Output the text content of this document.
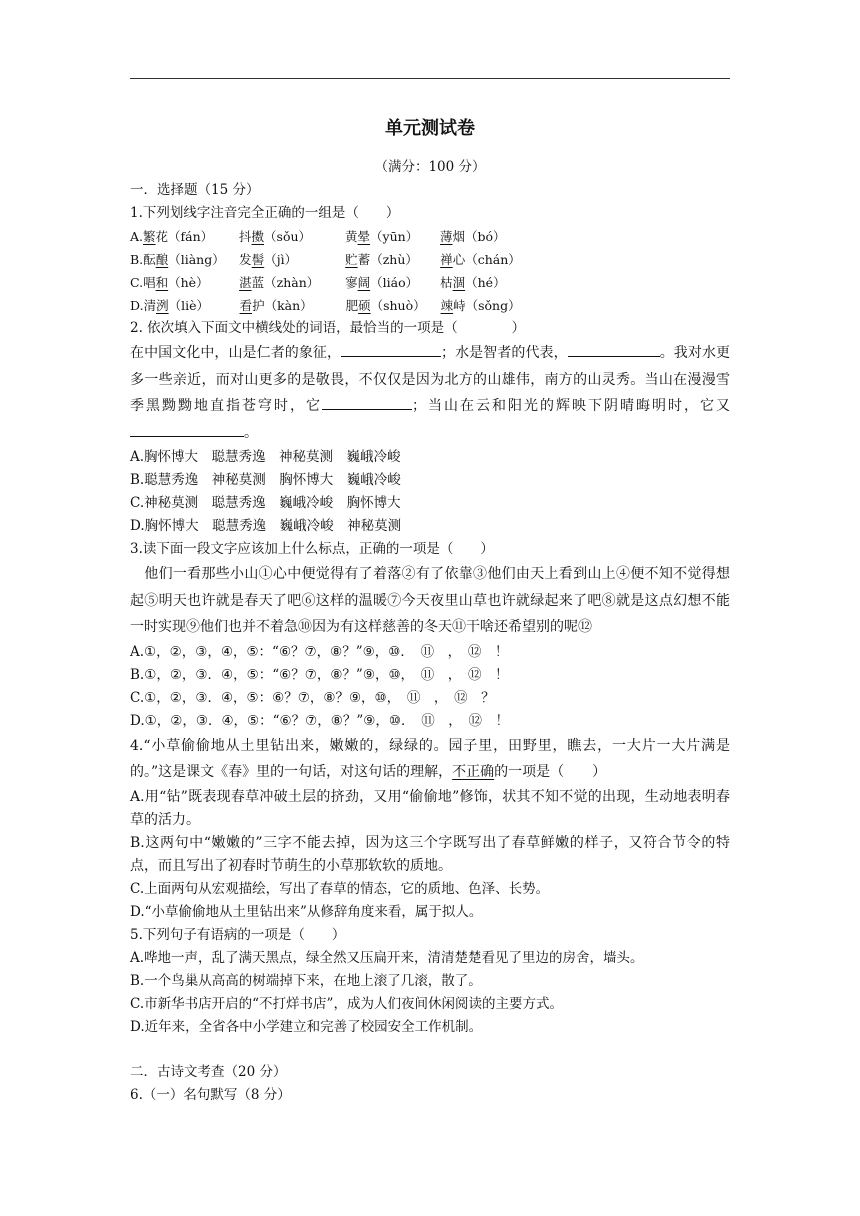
单元测试卷
（满分：100 分）
一．选择题（15 分）
1.下列划线字注音完全正确的一组是（　　）
A.繁花（fán） 抖擞（sǒu）	黄晕（yūn） 薄烟（bó）
B.酝酿（liàng） 发髻（jì）	贮蓄（zhù） 禅心（chán）
C.唱和（hè） 湛蓝（zhàn） 寥阔（liáo） 枯涸（hé）
D.清洌（liè） 看护（kàn）	肥硕（shuò） 竦峙（sǒng）
2. 依次填入下面文中横线处的词语，最恰当的一项是（　　　　）
在中国文化中，山是仁者的象征，	；水是智者的代表，	。我对水更多一些亲近，而对山更多的是敬畏，不仅仅是因为北方的山雄伟，南方的山灵秀。当山在漫漫雪季黑黝黝地直指苍穹时，它	；当山在云和阳光的辉映下阴晴晦明时，它又。
A.胸怀博大　聪慧秀逸　神秘莫测　巍峨冷峻
B.聪慧秀逸　神秘莫测　胸怀博大　巍峨冷峻
C.神秘莫测　聪慧秀逸　巍峨冷峻　胸怀博大
D.胸怀博大　聪慧秀逸　巍峨冷峻　神秘莫测
3.读下面一段文字应该加上什么标点，正确的一项是（　　）
　他们一看那些小山①心中便觉得有了着落②有了依靠③他们由天上看到山上④便不知不觉得想起⑤明天也许就是春天了吧⑥这样的温暖⑦今天夜里山草也许就绿起来了吧⑧就是这点幻想不能一时实现⑨他们也并不着急⑩因为有这样慈善的冬天⑪干啥还希望别的呢⑫
A.①，②，③，④，⑤：“⑥？⑦，⑧？”⑨，⑩．　⑪　，　⑫　！
B.①，②，③．④，⑤：“⑥？⑦，⑧？”⑨，⑩，　⑪　，　⑫　！
C.①，②，③．④，⑤：⑥？⑦，⑧？⑨，⑩，　⑪　，　⑫　？
D.①，②，③．④，⑤：“⑥？⑦，⑧？”⑨，⑩．　⑪　，　⑫　！
4.“小草偷偷地从土里钻出来，嫩嫩的，绿绿的。园子里，田野里，瞧去，一大片一大片满是的。”这是课文《春》里的一句话，对这句话的理解，不正确的一项是（　　）
A.用“钻”既表现春草冲破土层的挤劲，又用“偷偷地”修饰，状其不知不觉的出现，生动地表明春草的活力。
B.这两句中“嫩嫩的”三字不能去掉，因为这三个字既写出了春草鲜嫩的样子，又符合节令的特点，而且写出了初春时节萌生的小草那软软的质地。
C.上面两句从宏观描绘，写出了春草的情态，它的质地、色泽、长势。
D.“小草偷偷地从土里钻出来”从修辞角度来看，属于拟人。
5.下列句子有语病的一项是（　　）
A.哗地一声，乱了满天黑点，绿全然又压扁开来，清清楚楚看见了里边的房舍，墙头。
B.一个鸟巢从高高的树端掉下来，在地上滚了几滚，散了。
C.市新华书店开启的“不打烊书店”，成为人们夜间休闲阅读的主要方式。
D.近年来，全省各中小学建立和完善了校园安全工作机制。
二．古诗文考查（20 分）
6.（一）名句默写（8 分）
